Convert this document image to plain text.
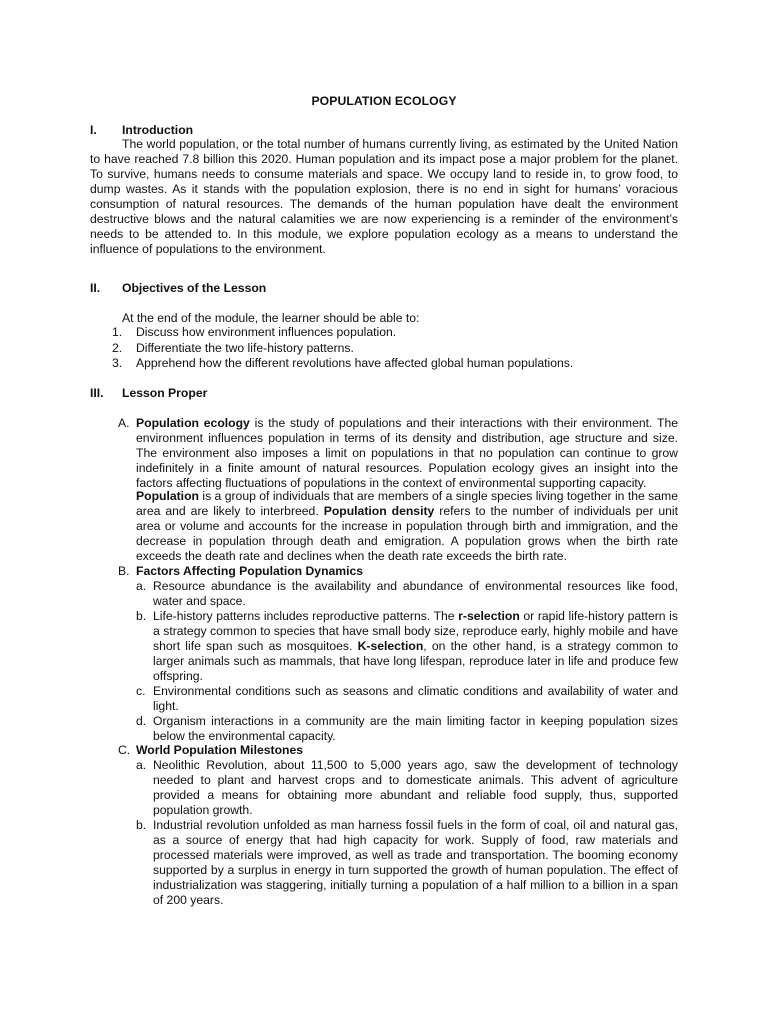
POPULATION ECOLOGY
I. Introduction
The world population, or the total number of humans currently living, as estimated by the United Nation to have reached 7.8 billion this 2020. Human population and its impact pose a major problem for the planet. To survive, humans needs to consume materials and space. We occupy land to reside in, to grow food, to dump wastes. As it stands with the population explosion, there is no end in sight for humans’ voracious consumption of natural resources. The demands of the human population have dealt the environment destructive blows and the natural calamities we are now experiencing is a reminder of the environment’s needs to be attended to. In this module, we explore population ecology as a means to understand the influence of populations to the environment.
II. Objectives of the Lesson
At the end of the module, the learner should be able to:
1. Discuss how environment influences population.
2. Differentiate the two life-history patterns.
3. Apprehend how the different revolutions have affected global human populations.
III. Lesson Proper
A. Population ecology is the study of populations and their interactions with their environment. The environment influences population in terms of its density and distribution, age structure and size. The environment also imposes a limit on populations in that no population can continue to grow indefinitely in a finite amount of natural resources. Population ecology gives an insight into the factors affecting fluctuations of populations in the context of environmental supporting capacity.
Population is a group of individuals that are members of a single species living together in the same area and are likely to interbreed. Population density refers to the number of individuals per unit area or volume and accounts for the increase in population through birth and immigration, and the decrease in population through death and emigration. A population grows when the birth rate exceeds the death rate and declines when the death rate exceeds the birth rate.
B. Factors Affecting Population Dynamics
a. Resource abundance is the availability and abundance of environmental resources like food, water and space.
b. Life-history patterns includes reproductive patterns. The r-selection or rapid life-history pattern is a strategy common to species that have small body size, reproduce early, highly mobile and have short life span such as mosquitoes. K-selection, on the other hand, is a strategy common to larger animals such as mammals, that have long lifespan, reproduce later in life and produce few offspring.
c. Environmental conditions such as seasons and climatic conditions and availability of water and light.
d. Organism interactions in a community are the main limiting factor in keeping population sizes below the environmental capacity.
C. World Population Milestones
a. Neolithic Revolution, about 11,500 to 5,000 years ago, saw the development of technology needed to plant and harvest crops and to domesticate animals. This advent of agriculture provided a means for obtaining more abundant and reliable food supply, thus, supported population growth.
b. Industrial revolution unfolded as man harness fossil fuels in the form of coal, oil and natural gas, as a source of energy that had high capacity for work. Supply of food, raw materials and processed materials were improved, as well as trade and transportation. The booming economy supported by a surplus in energy in turn supported the growth of human population. The effect of industrialization was staggering, initially turning a population of a half million to a billion in a span of 200 years.
